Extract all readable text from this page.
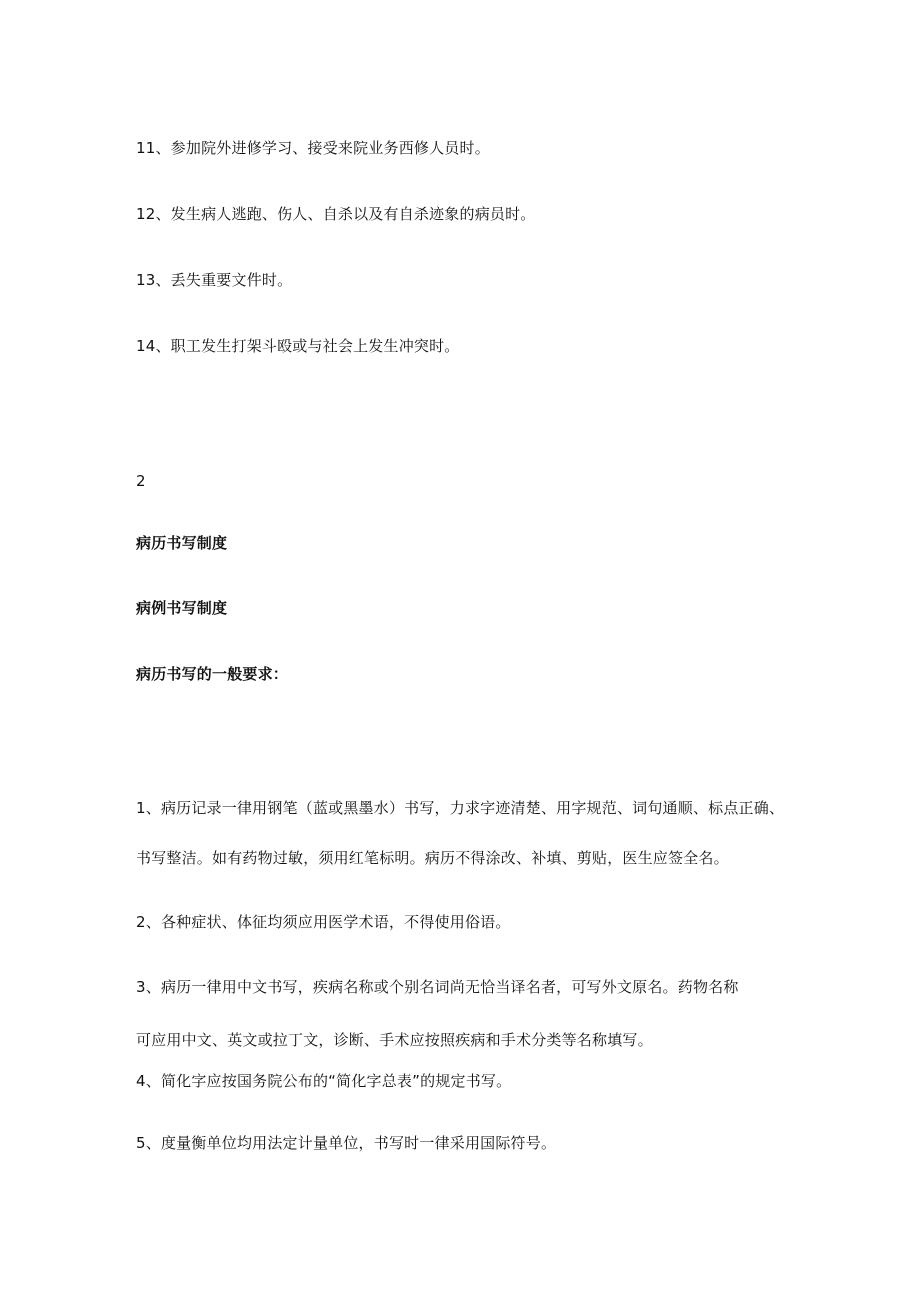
11、参加院外进修学习、接受来院业务西修人员时。
12、发生病人逃跑、伤人、自杀以及有自杀迹象的病员时。
13、丢失重要文件时。
14、职工发生打架斗殴或与社会上发生冲突时。
2
病历书写制度
病例书写制度
病历书写的一般要求：
1、病历记录一律用钢笔（蓝或黑墨水）书写，力求字迹清楚、用字规范、词句通顺、标点正确、
书写整洁。如有药物过敏，须用红笔标明。病历不得涂改、补填、剪贴，医生应签全名。
2、各种症状、体征均须应用医学术语，不得使用俗语。
3、病历一律用中文书写，疾病名称或个别名词尚无恰当译名者，可写外文原名。药物名称
可应用中文、英文或拉丁文，诊断、手术应按照疾病和手术分类等名称填写。
4、简化字应按国务院公布的“简化字总表”的规定书写。
5、度量衡单位均用法定计量单位，书写时一律采用国际符号。
